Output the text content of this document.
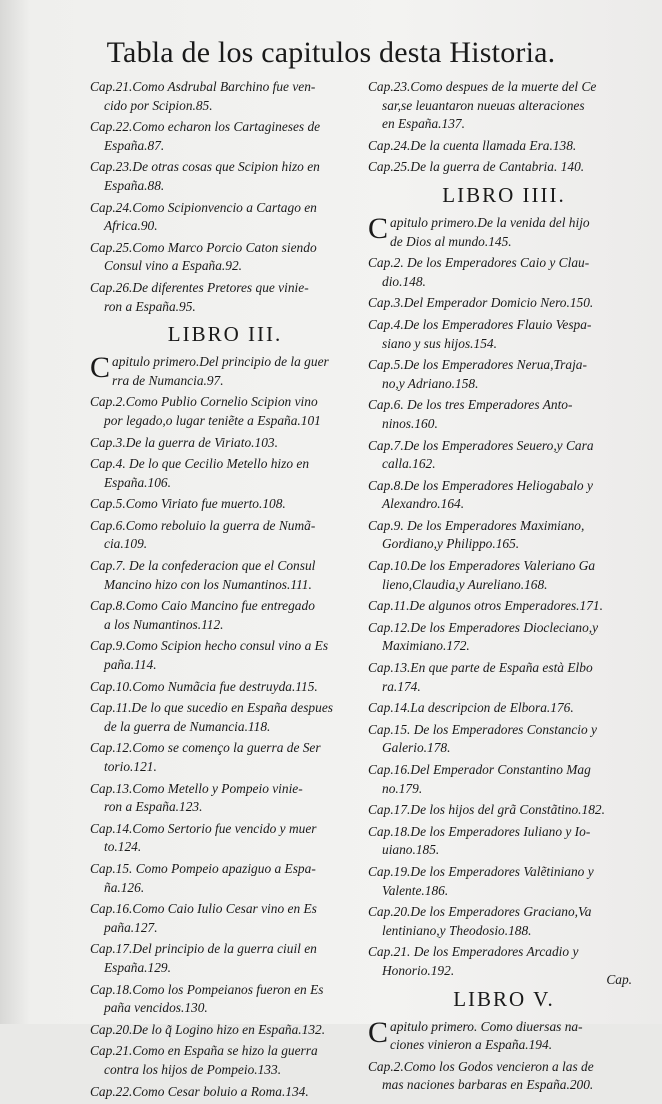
Tabla de los capitulos desta Historia.
Cap.21.Como Asdrubal Barchino fue ven-
cido por Scipion.85.
Cap.22.Como echaron los Cartagineses de
España.87.
Cap.23.De otras cosas que Scipion hizo en
España.88.
Cap.24.Como Scipionvencio a Cartago en
Africa.90.
Cap.25.Como Marco Porcio Caton siendo
Consul vino a España.92.
Cap.26.De diferentes Pretores que vinie-
ron a España.95.
LIBRO III.
Capitulo primero.Del principio de la guer
rra de Numancia.97.
Cap.2.Como Publio Cornelio Scipion vino
por legado,o lugar teniẽte a España.101
Cap.3.De la guerra de Viriato.103.
Cap.4. De lo que Cecilio Metello hizo en
España.106.
Cap.5.Como Viriato fue muerto.108.
Cap.6.Como reboluio la guerra de Numã-
cia.109.
Cap.7. De la confederacion que el Consul
Mancino hizo con los Numantinos.111.
Cap.8.Como Caio Mancino fue entregado
a los Numantinos.112.
Cap.9.Como Scipion hecho consul vino a Es
paña.114.
Cap.10.Como Numãcia fue destruyda.115.
Cap.11.De lo que sucedio en España despues
de la guerra de Numancia.118.
Cap.12.Como se començo la guerra de Ser
torio.121.
Cap.13.Como Metello y Pompeio vinie-
ron a España.123.
Cap.14.Como Sertorio fue vencido y muer
to.124.
Cap.15. Como Pompeio apaziguo a Espa-
ña.126.
Cap.16.Como Caio Iulio Cesar vino en Es
paña.127.
Cap.17.Del principio de la guerra ciuil en
España.129.
Cap.18.Como los Pompeianos fueron en Es
paña vencidos.130.
Cap.20.De lo q̃ Logino hizo en España.132.
Cap.21.Como en España se hizo la guerra
contra los hijos de Pompeio.133.
Cap.22.Como Cesar boluio a Roma.134.
Cap.23.Como despues de la muerte del Ce
sar,se leuantaron nueuas alteraciones
en España.137.
Cap.24.De la cuenta llamada Era.138.
Cap.25.De la guerra de Cantabria. 140.
LIBRO IIII.
Capitulo primero.De la venida del hijo
de Dios al mundo.145.
Cap.2. De los Emperadores Caio y Clau-
dio.148.
Cap.3.Del Emperador Domicio Nero.150.
Cap.4.De los Emperadores Flauio Vespa-
siano y sus hijos.154.
Cap.5.De los Emperadores Nerua,Traja-
no,y Adriano.158.
Cap.6. De los tres Emperadores Anto-
ninos.160.
Cap.7.De los Emperadores Seuero,y Cara
calla.162.
Cap.8.De los Emperadores Heliogabalo y
Alexandro.164.
Cap.9. De los Emperadores Maximiano,
Gordiano,y Philippo.165.
Cap.10.De los Emperadores Valeriano Ga
lieno,Claudia,y Aureliano.168.
Cap.11.De algunos otros Emperadores.171.
Cap.12.De los Emperadores Diocleciano,y
Maximiano.172.
Cap.13.En que parte de España està Elbo
ra.174.
Cap.14.La descripcion de Elbora.176.
Cap.15. De los Emperadores Constancio y
Galerio.178.
Cap.16.Del Emperador Constantino Mag
no.179.
Cap.17.De los hijos del grã Constãtino.182.
Cap.18.De los Emperadores Iuliano y Io-
uiano.185.
Cap.19.De los Emperadores Valẽtiniano y
Valente.186.
Cap.20.De los Emperadores Graciano,Va
lentiniano,y Theodosio.188.
Cap.21. De los Emperadores Arcadio y
Honorio.192.
LIBRO V.
Capitulo primero. Como diuersas na-
ciones vinieron a España.194.
Cap.2.Como los Godos vencieron a las de
mas naciones barbaras en España.200.
Cap.
